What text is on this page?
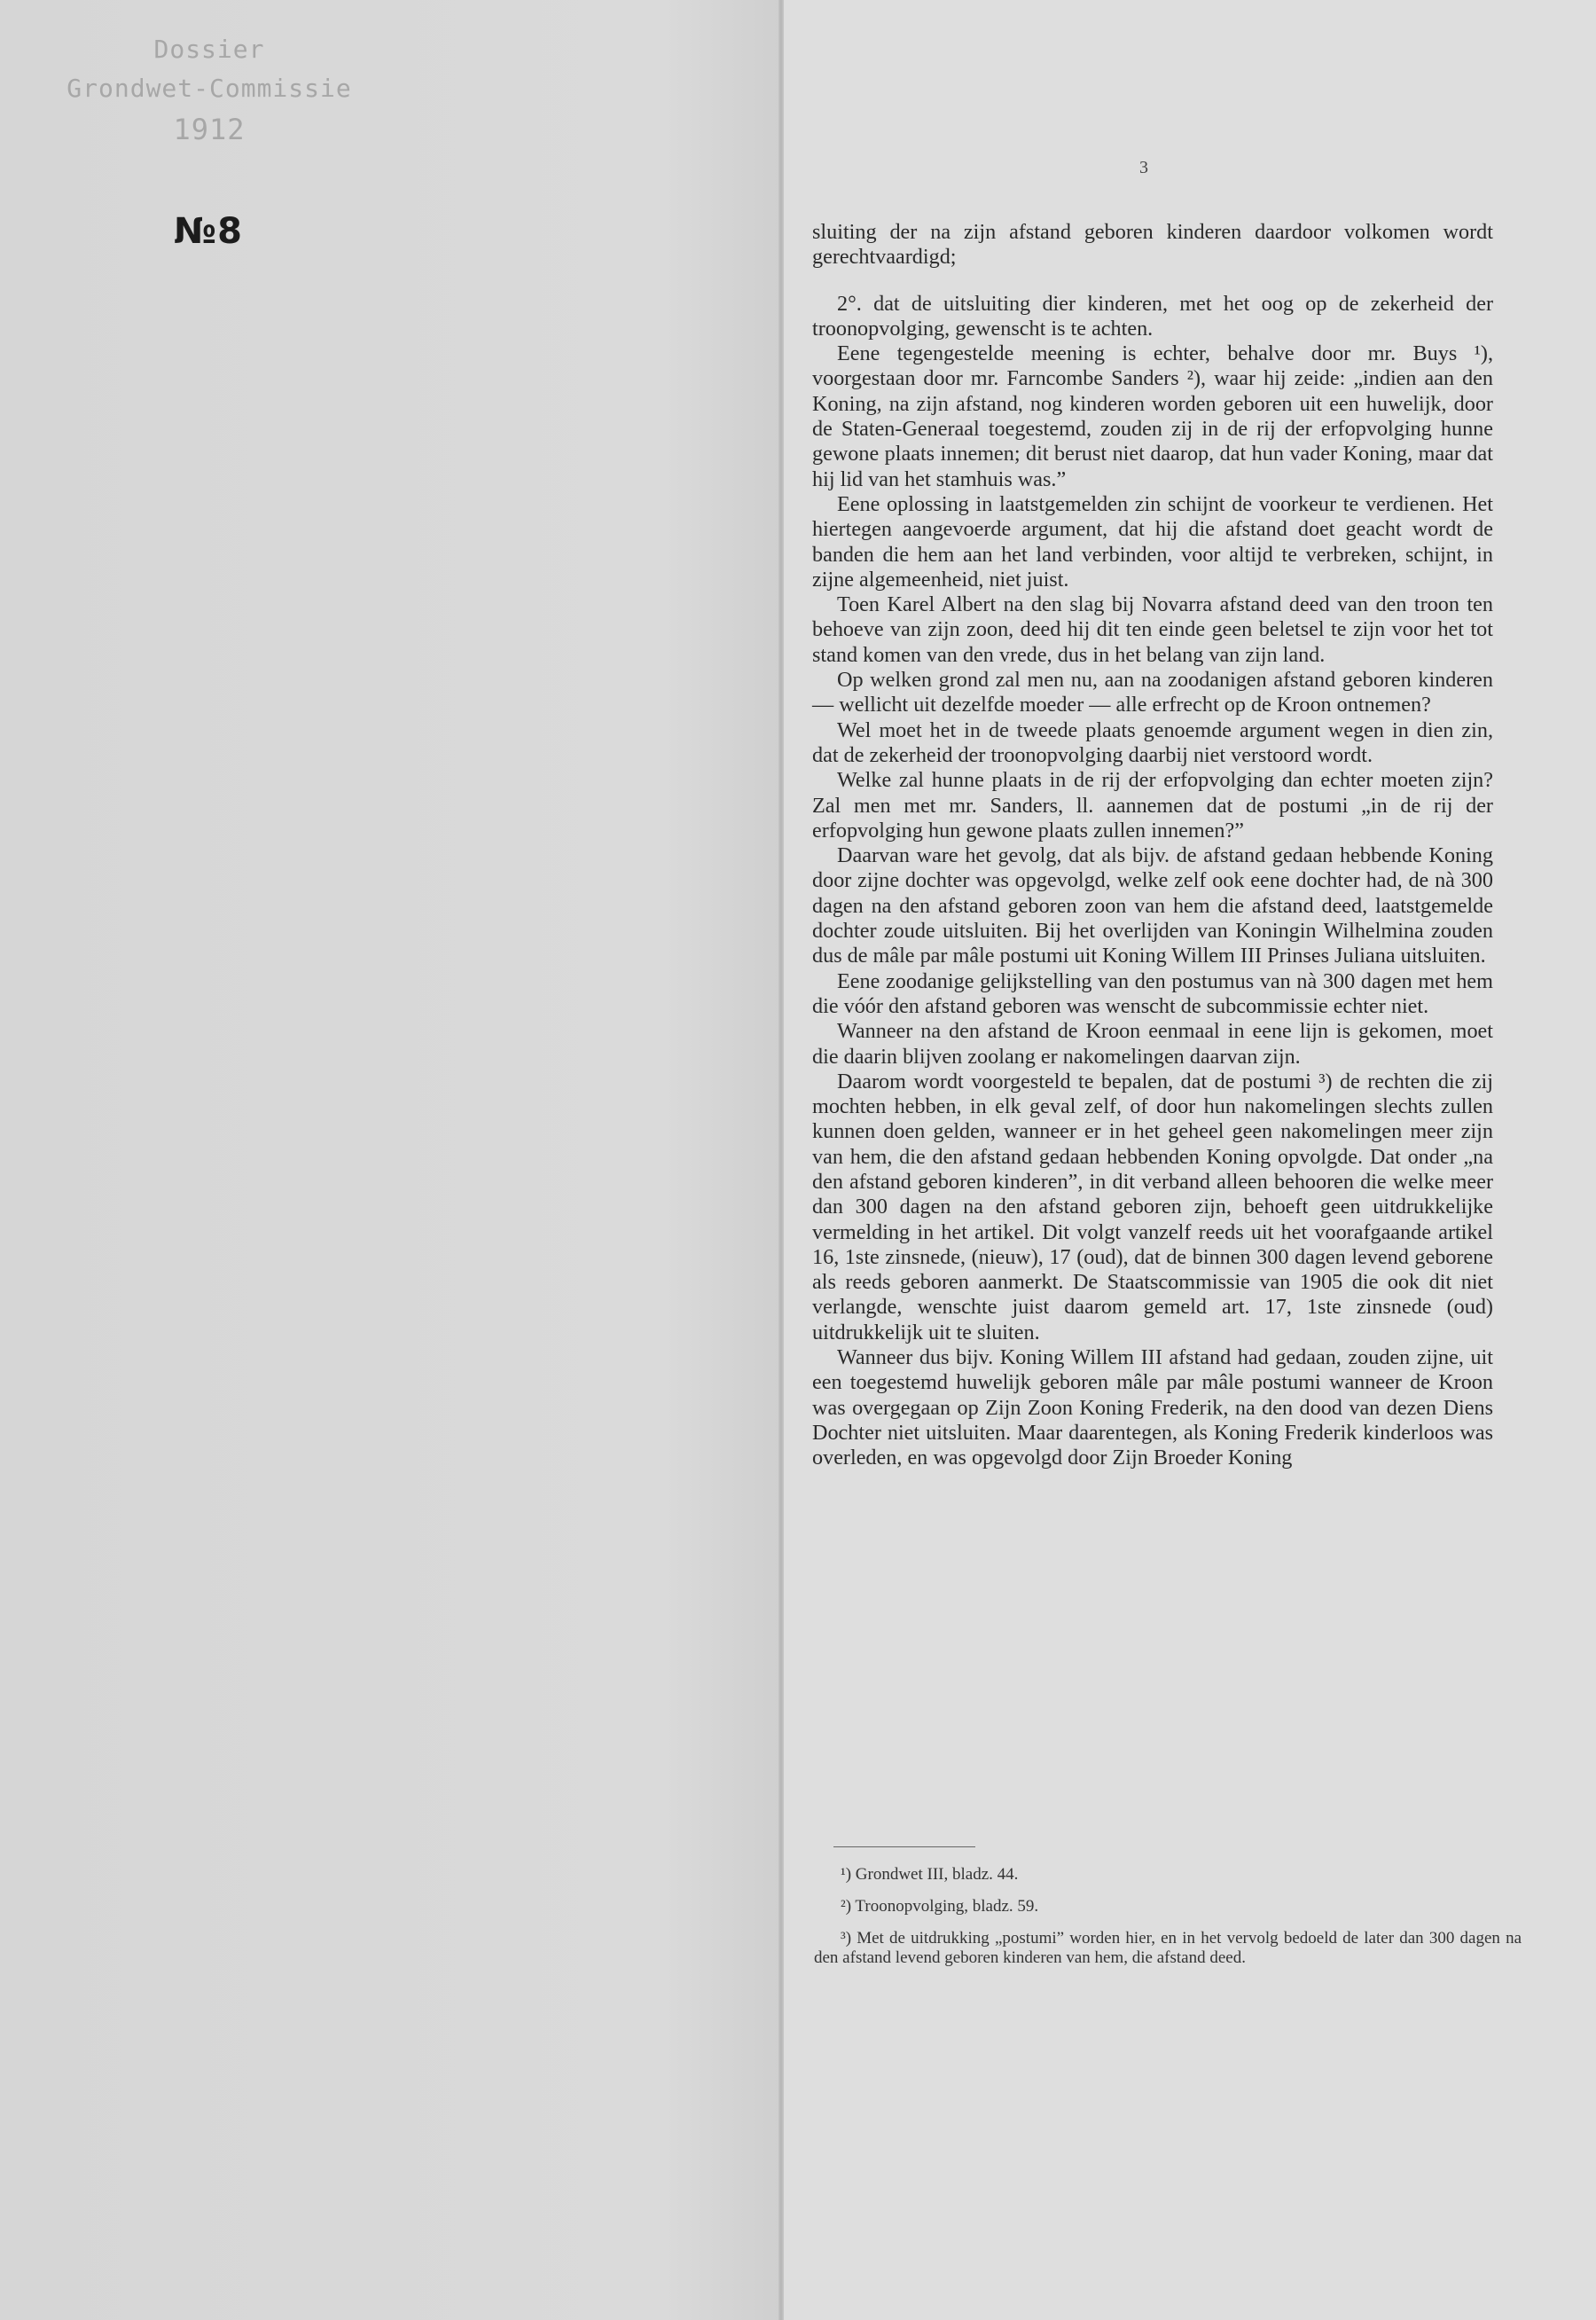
Dossier
Grondwet-Commissie
1912
№8
3

sluiting der na zijn afstand geboren kinderen daardoor volkomen wordt gerechtvaardigd;

2°. dat de uitsluiting dier kinderen, met het oog op de zekerheid der troonopvolging, gewenscht is te achten.

Eene tegengestelde meening is echter, behalve door mr. Buys ¹), voorgestaan door mr. Farncombe Sanders ²), waar hij zeide: „indien aan den Koning, na zijn afstand, nog kinderen worden geboren uit een huwelijk, door de Staten-Generaal toegestemd, zouden zij in de rij der erfopvolging hunne gewone plaats innemen; dit berust niet daarop, dat hun vader Koning, maar dat hij lid van het stamhuis was.”

Eene oplossing in laatstgemelden zin schijnt de voorkeur te verdienen. Het hiertegen aangevoerde argument, dat hij die afstand doet geacht wordt de banden die hem aan het land verbinden, voor altijd te verbreken, schijnt, in zijne algemeenheid, niet juist.

Toen Karel Albert na den slag bij Novarra afstand deed van den troon ten behoeve van zijn zoon, deed hij dit ten einde geen beletsel te zijn voor het tot stand komen van den vrede, dus in het belang van zijn land.

Op welken grond zal men nu, aan na zoodanigen afstand geboren kinderen — wellicht uit dezelfde moeder — alle erfrecht op de Kroon ontnemen?

Wel moet het in de tweede plaats genoemde argument wegen in dien zin, dat de zekerheid der troonopvolging daarbij niet verstoord wordt.

Welke zal hunne plaats in de rij der erfopvolging dan echter moeten zijn? Zal men met mr. Sanders, ll. aannemen dat de postumi „in de rij der erfopvolging hun gewone plaats zullen innemen?”

Daarvan ware het gevolg, dat als bijv. de afstand gedaan hebbende Koning door zijne dochter was opgevolgd, welke zelf ook eene dochter had, de nà 300 dagen na den afstand geboren zoon van hem die afstand deed, laatstgemelde dochter zoude uitsluiten. Bij het overlijden van Koningin Wilhelmina zouden dus de mâle par mâle postumi uit Koning Willem III Prinses Juliana uitsluiten.

Eene zoodanige gelijkstelling van den postumus van nà 300 dagen met hem die vóór den afstand geboren was wenscht de subcommissie echter niet.

Wanneer na den afstand de Kroon eenmaal in eene lijn is gekomen, moet die daarin blijven zoolang er nakomelingen daarvan zijn.

Daarom wordt voorgesteld te bepalen, dat de postumi ³) de rechten die zij mochten hebben, in elk geval zelf, of door hun nakomelingen slechts zullen kunnen doen gelden, wanneer er in het geheel geen nakomelingen meer zijn van hem, die den afstand gedaan hebbenden Koning opvolgde. Dat onder „na den afstand geboren kinderen”, in dit verband alleen behooren die welke meer dan 300 dagen na den afstand geboren zijn, behoeft geen uitdrukkelijke vermelding in het artikel. Dit volgt vanzelf reeds uit het voorafgaande artikel 16, 1ste zinsnede, (nieuw), 17 (oud), dat de binnen 300 dagen levend geborene als reeds geboren aanmerkt. De Staatscommissie van 1905 die ook dit niet verlangde, wenschte juist daarom gemeld art. 17, 1ste zinsnede (oud) uitdrukkelijk uit te sluiten.

Wanneer dus bijv. Koning Willem III afstand had gedaan, zouden zijne, uit een toegestemd huwelijk geboren mâle par mâle postumi wanneer de Kroon was overgegaan op Zijn Zoon Koning Frederik, na den dood van dezen Diens Dochter niet uitsluiten. Maar daarentegen, als Koning Frederik kinderloos was overleden, en was opgevolgd door Zijn Broeder Koning

¹) Grondwet III, bladz. 44.

²) Troonopvolging, bladz. 59.

³) Met de uitdrukking „postumi” worden hier, en in het vervolg bedoeld de later dan 300 dagen na den afstand levend geboren kinderen van hem, die afstand deed.
